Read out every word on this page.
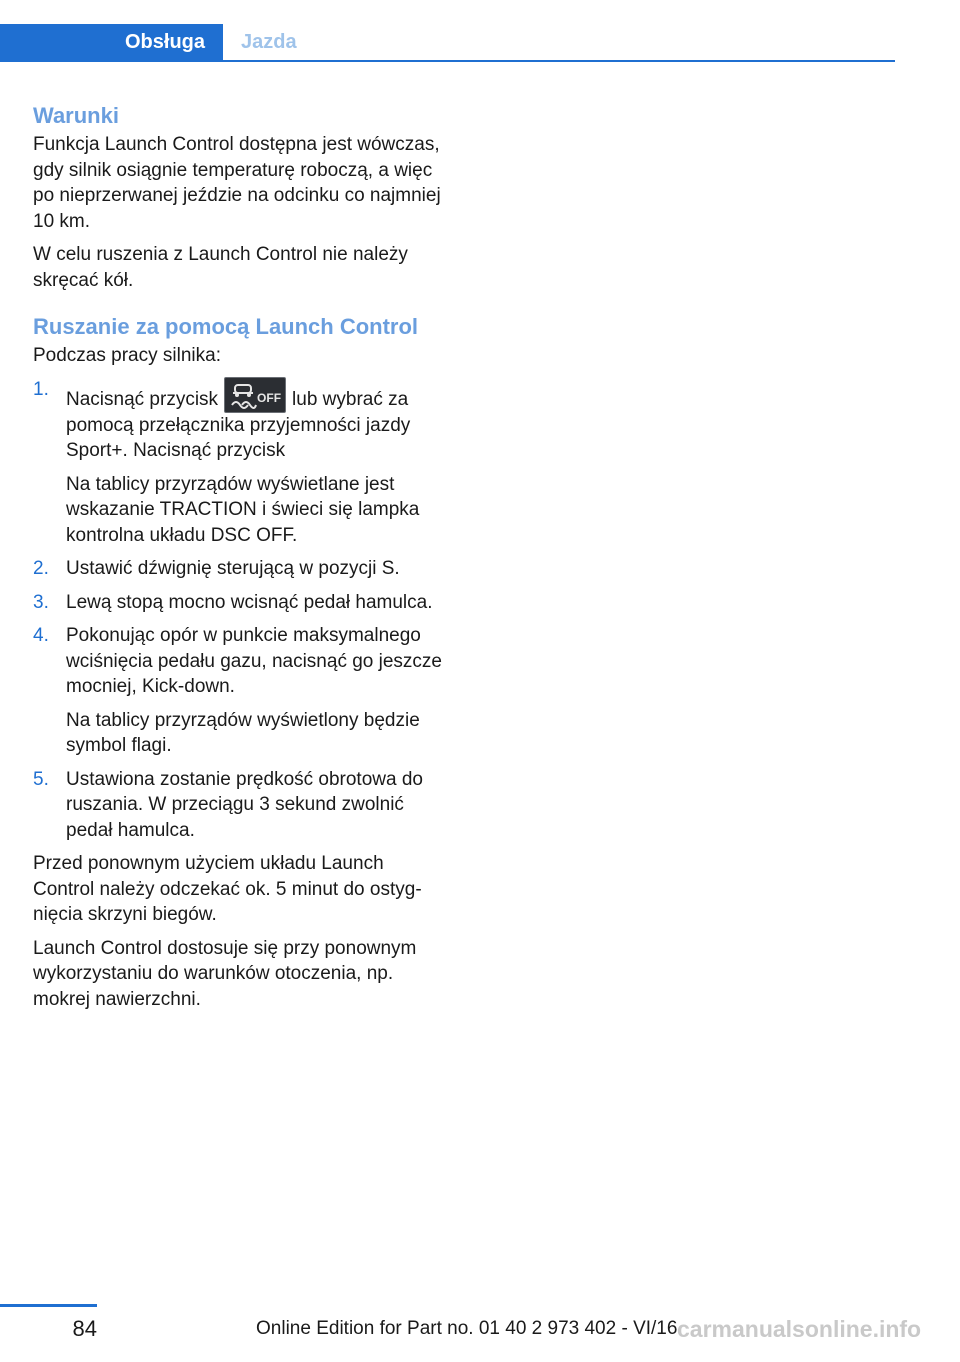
Obsługa	Jazda
Warunki

Funkcja Launch Control dostępna jest wówczas, gdy silnik osiągnie temperaturę roboczą, a więc po nieprzerwanej jeździe na odcinku co najmniej 10 km.

W celu ruszenia z Launch Control nie należy skręcać kół.

Ruszanie za pomocą Launch Control

Podczas pracy silnika:

1. Nacisnąć przycisk	OFF lub wybrać za pomocą przełącznika przyjemności jazdy Sport+. Nacisnąć przycisk
Na tablicy przyrządów wyświetlane jest wskazanie TRACTION i świeci się lampka kontrolna układu DSC OFF.
2. Ustawić dźwignię sterującą w pozycji S.
3. Lewą stopą mocno wcisnąć pedał hamulca.
4. Pokonując opór w punkcie maksymalnego wciśnięcia pedału gazu, nacisnąć go jeszcze mocniej, Kick-down.
Na tablicy przyrządów wyświetlony będzie symbol flagi.
5. Ustawiona zostanie prędkość obrotowa do ruszania. W przeciągu 3 sekund zwolnić pedał hamulca.

Przed ponownym użyciem układu Launch Control należy odczekać ok. 5 minut do ostygnięcia skrzyni biegów.

Launch Control dostosuje się przy ponownym wykorzystaniu do warunków otoczenia, np. mokrej nawierzchni.

84	Online Edition for Part no. 01 40 2 973 402 - VI/16 carmanualsonline.info
